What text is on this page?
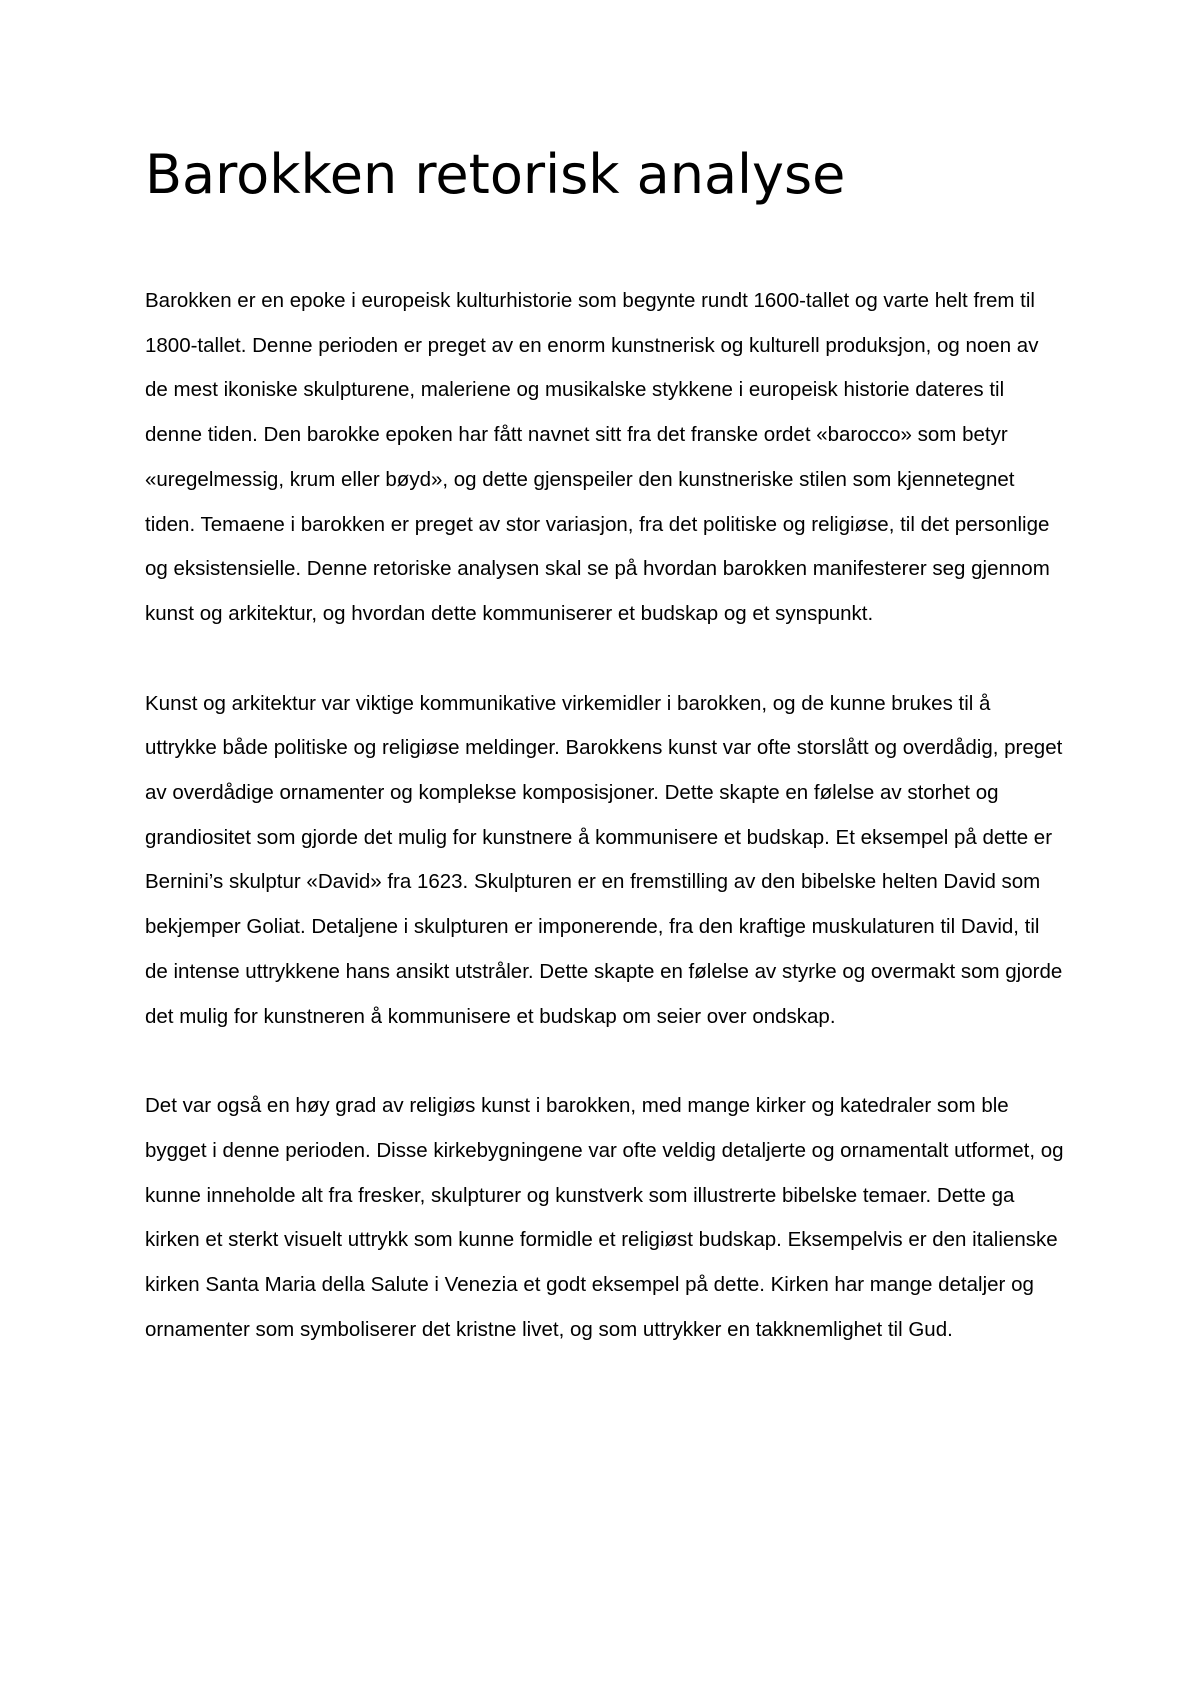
Barokken retorisk analyse

Barokken er en epoke i europeisk kulturhistorie som begynte rundt 1600-tallet og varte helt frem til 1800-tallet. Denne perioden er preget av en enorm kunstnerisk og kulturell produksjon, og noen av de mest ikoniske skulpturene, maleriene og musikalske stykkene i europeisk historie dateres til denne tiden. Den barokke epoken har fått navnet sitt fra det franske ordet «barocco» som betyr «uregelmessig, krum eller bøyd», og dette gjenspeiler den kunstneriske stilen som kjennetegnet tiden. Temaene i barokken er preget av stor variasjon, fra det politiske og religiøse, til det personlige og eksistensielle. Denne retoriske analysen skal se på hvordan barokken manifesterer seg gjennom kunst og arkitektur, og hvordan dette kommuniserer et budskap og et synspunkt.

Kunst og arkitektur var viktige kommunikative virkemidler i barokken, og de kunne brukes til å uttrykke både politiske og religiøse meldinger. Barokkens kunst var ofte storslått og overdådig, preget av overdådige ornamenter og komplekse komposisjoner. Dette skapte en følelse av storhet og grandiositet som gjorde det mulig for kunstnere å kommunisere et budskap. Et eksempel på dette er Bernini’s skulptur «David» fra 1623. Skulpturen er en fremstilling av den bibelske helten David som bekjemper Goliat. Detaljene i skulpturen er imponerende, fra den kraftige muskulaturen til David, til de intense uttrykkene hans ansikt utstråler. Dette skapte en følelse av styrke og overmakt som gjorde det mulig for kunstneren å kommunisere et budskap om seier over ondskap.

Det var også en høy grad av religiøs kunst i barokken, med mange kirker og katedraler som ble bygget i denne perioden. Disse kirkebygningene var ofte veldig detaljerte og ornamentalt utformet, og kunne inneholde alt fra fresker, skulpturer og kunstverk som illustrerte bibelske temaer. Dette ga kirken et sterkt visuelt uttrykk som kunne formidle et religiøst budskap. Eksempelvis er den italienske kirken Santa Maria della Salute i Venezia et godt eksempel på dette. Kirken har mange detaljer og ornamenter som symboliserer det kristne livet, og som uttrykker en takknemlighet til Gud.
